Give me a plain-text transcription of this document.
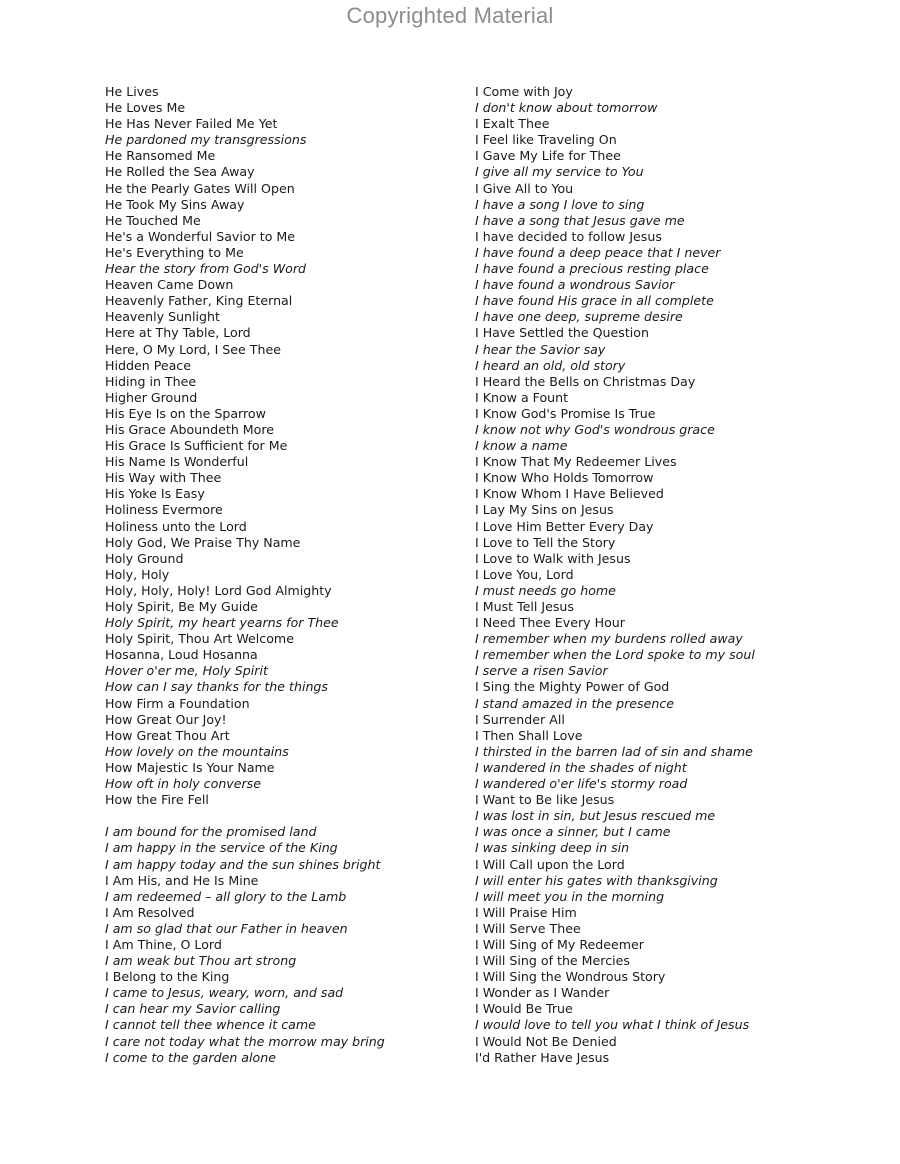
Copyrighted Material
He Lives
He Loves Me
He Has Never Failed Me Yet
He pardoned my transgressions
He Ransomed Me
He Rolled the Sea Away
He the Pearly Gates Will Open
He Took My Sins Away
He Touched Me
He's a Wonderful Savior to Me
He's Everything to Me
Hear the story from God's Word
Heaven Came Down
Heavenly Father, King Eternal
Heavenly Sunlight
Here at Thy Table, Lord
Here, O My Lord, I See Thee
Hidden Peace
Hiding in Thee
Higher Ground
His Eye Is on the Sparrow
His Grace Aboundeth More
His Grace Is Sufficient for Me
His Name Is Wonderful
His Way with Thee
His Yoke Is Easy
Holiness Evermore
Holiness unto the Lord
Holy God, We Praise Thy Name
Holy Ground
Holy, Holy
Holy, Holy, Holy! Lord God Almighty
Holy Spirit, Be My Guide
Holy Spirit, my heart yearns for Thee
Holy Spirit, Thou Art Welcome
Hosanna, Loud Hosanna
Hover o'er me, Holy Spirit
How can I say thanks for the things
How Firm a Foundation
How Great Our Joy!
How Great Thou Art
How lovely on the mountains
How Majestic Is Your Name
How oft in holy converse
How the Fire Fell
I am bound for the promised land
I am happy in the service of the King
I am happy today and the sun shines bright
I Am His, and He Is Mine
I am redeemed – all glory to the Lamb
I Am Resolved
I am so glad that our Father in heaven
I Am Thine, O Lord
I am weak but Thou art strong
I Belong to the King
I came to Jesus, weary, worn, and sad
I can hear my Savior calling
I cannot tell thee whence it came
I care not today what the morrow may bring
I come to the garden alone
I Come with Joy
I don't know about tomorrow
I Exalt Thee
I Feel like Traveling On
I Gave My Life for Thee
I give all my service to You
I Give All to You
I have a song I love to sing
I have a song that Jesus gave me
I have decided to follow Jesus
I have found a deep peace that I never
I have found a precious resting place
I have found a wondrous Savior
I have found His grace in all complete
I have one deep, supreme desire
I Have Settled the Question
I hear the Savior say
I heard an old, old story
I Heard the Bells on Christmas Day
I Know a Fount
I Know God's Promise Is True
I know not why God's wondrous grace
I know a name
I Know That My Redeemer Lives
I Know Who Holds Tomorrow
I Know Whom I Have Believed
I Lay My Sins on Jesus
I Love Him Better Every Day
I Love to Tell the Story
I Love to Walk with Jesus
I Love You, Lord
I must needs go home
I Must Tell Jesus
I Need Thee Every Hour
I remember when my burdens rolled away
I remember when the Lord spoke to my soul
I serve a risen Savior
I Sing the Mighty Power of God
I stand amazed in the presence
I Surrender All
I Then Shall Love
I thirsted in the barren lad of sin and shame
I wandered in the shades of night
I wandered o'er life's stormy road
I Want to Be like Jesus
I was lost in sin, but Jesus rescued me
I was once a sinner, but I came
I was sinking deep in sin
I Will Call upon the Lord
I will enter his gates with thanksgiving
I will meet you in the morning
I Will Praise Him
I Will Serve Thee
I Will Sing of My Redeemer
I Will Sing of the Mercies
I Will Sing the Wondrous Story
I Wonder as I Wander
I Would Be True
I would love to tell you what I think of Jesus
I Would Not Be Denied
I'd Rather Have Jesus
